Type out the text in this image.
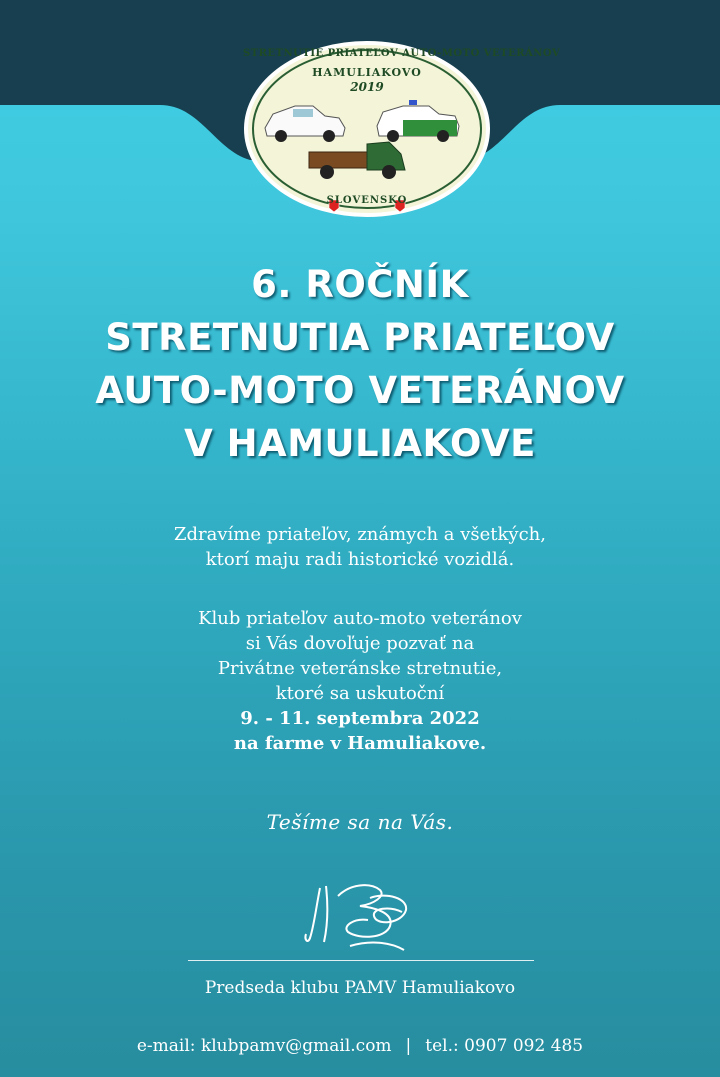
STRETNUTIE PRIATEĽOV AUTO-MOTO VETERÁNOV
HAMULIAKOVO
2019
SLOVENSKO
6. ROČNÍK
STRETNUTIA PRIATEĽOV
AUTO-MOTO VETERÁNOV
V HAMULIAKOVE
Zdravíme priateľov, známych a všetkých,
ktorí maju radi historické vozidlá.
Klub priateľov auto-moto veteránov
si Vás dovoľuje pozvať na
Privátne veteránske stretnutie,
ktoré sa uskutoční
9. - 11. septembra 2022
na farme v Hamuliakove.
Tešíme sa na Vás.
Predseda klubu PAMV Hamuliakovo
e-mail: klubpamv@gmail.com | tel.: 0907 092 485
